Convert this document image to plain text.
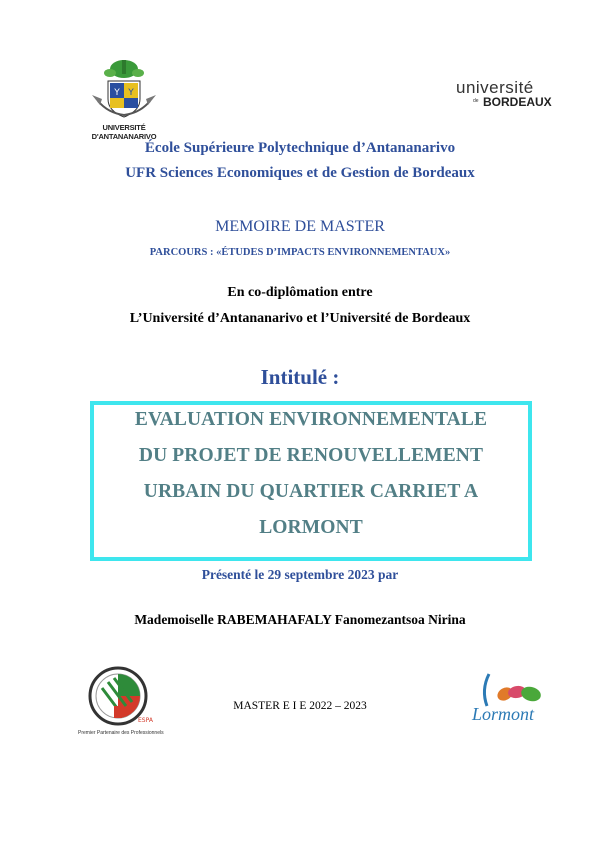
Y Y
UNIVERSITÉ D'ANTANANARIVO
université
de BORDEAUX
École Supérieure Polytechnique d’Antananarivo
UFR Sciences Economiques et de Gestion de Bordeaux
MEMOIRE DE MASTER
PARCOURS : «ÉTUDES D’IMPACTS ENVIRONNEMENTAUX»
En co-diplômation entre
L’Université d’Antananarivo et l’Université de Bordeaux
Intitulé :
EVALUATION ENVIRONNEMENTALE
DU PROJET DE RENOUVELLEMENT
URBAIN DU QUARTIER CARRIET A
LORMONT
Présenté le 29 septembre 2023 par
Mademoiselle RABEMAHAFALY Fanomezantsoa Nirina
ESPA
Premier Partenaire des Professionnels
MASTER E I E 2022 – 2023	Lormont
